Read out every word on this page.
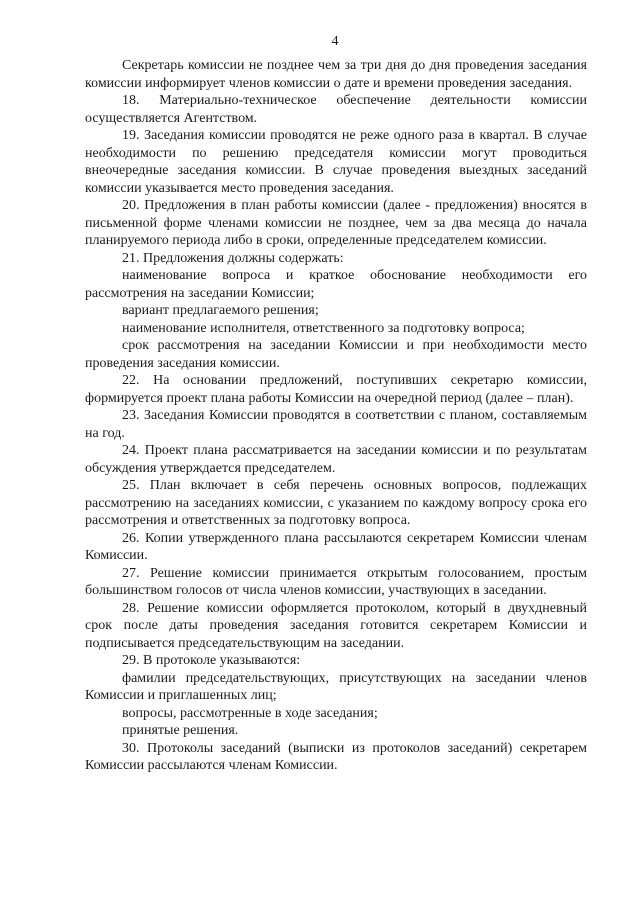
4

Секретарь комиссии не позднее чем за три дня до дня проведения заседания комиссии информирует членов комиссии о дате и времени проведения заседания.

18. Материально-техническое обеспечение деятельности комиссии осуществляется Агентством.

19. Заседания комиссии проводятся не реже одного раза в квартал. В случае необходимости по решению председателя комиссии могут проводиться внеочередные заседания комиссии. В случае проведения выездных заседаний комиссии указывается место проведения заседания.

20. Предложения в план работы комиссии (далее - предложения) вносятся в письменной форме членами комиссии не позднее, чем за два месяца до начала планируемого периода либо в сроки, определенные председателем комиссии.

21. Предложения должны содержать:

наименование вопроса и краткое обоснование необходимости его рассмотрения на заседании Комиссии;

вариант предлагаемого решения;

наименование исполнителя, ответственного за подготовку вопроса;

срок рассмотрения на заседании Комиссии и при необходимости место проведения заседания комиссии.

22. На основании предложений, поступивших секретарю комиссии, формируется проект плана работы Комиссии на очередной период (далее – план).

23. Заседания Комиссии проводятся в соответствии с планом, составляемым на год.

24. Проект плана рассматривается на заседании комиссии и по результатам обсуждения утверждается председателем.

25. План включает в себя перечень основных вопросов, подлежащих рассмотрению на заседаниях комиссии, с указанием по каждому вопросу срока его рассмотрения и ответственных за подготовку вопроса.

26. Копии утвержденного плана рассылаются секретарем Комиссии членам Комиссии.

27. Решение комиссии принимается открытым голосованием, простым большинством голосов от числа членов комиссии, участвующих в заседании.

28. Решение комиссии оформляется протоколом, который в двухдневный срок после даты проведения заседания готовится секретарем Комиссии и подписывается председательствующим на заседании.

29. В протоколе указываются:

фамилии председательствующих, присутствующих на заседании членов Комиссии и приглашенных лиц;

вопросы, рассмотренные в ходе заседания;

принятые решения.

30. Протоколы заседаний (выписки из протоколов заседаний) секретарем Комиссии рассылаются членам Комиссии.
